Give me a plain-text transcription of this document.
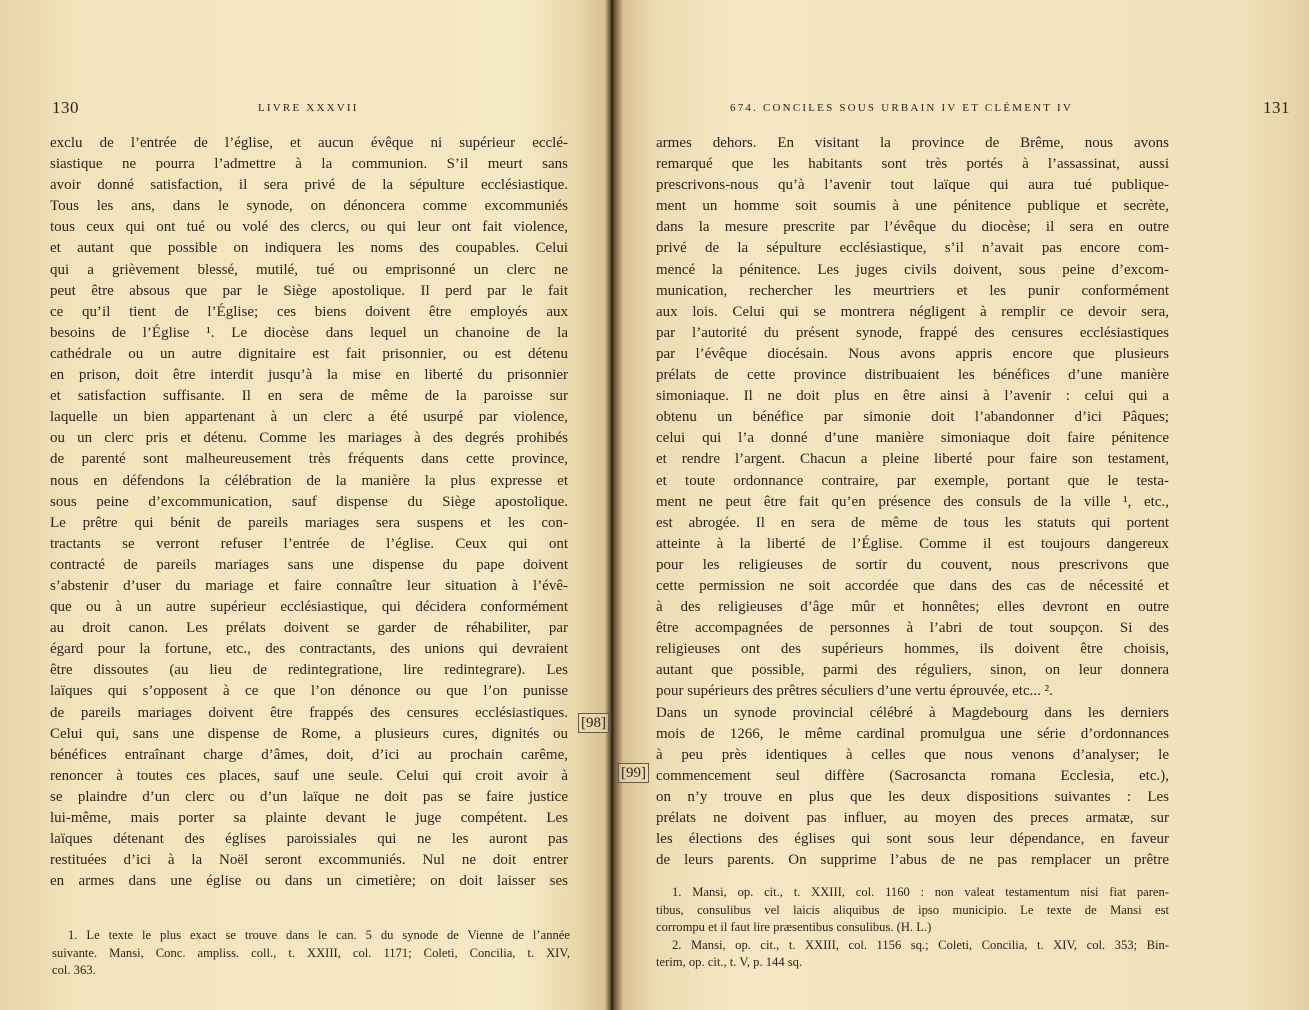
130	LIVRE XXXVII
exclu de l’entrée de l’église, et aucun évêque ni supérieur ecclé-
siastique ne pourra l’admettre à la communion. S’il meurt sans
avoir donné satisfaction, il sera privé de la sépulture ecclésiastique.
Tous les ans, dans le synode, on dénoncera comme excommuniés
tous ceux qui ont tué ou volé des clercs, ou qui leur ont fait violence,
et autant que possible on indiquera les noms des coupables. Celui
qui a grièvement blessé, mutilé, tué ou emprisonné un clerc ne
peut être absous que par le Siège apostolique. Il perd par le fait
ce qu’il tient de l’Église; ces biens doivent être employés aux
besoins de l’Église ¹. Le diocèse dans lequel un chanoine de la
cathédrale ou un autre dignitaire est fait prisonnier, ou est détenu
en prison, doit être interdit jusqu’à la mise en liberté du prisonnier
et satisfaction suffisante. Il en sera de même de la paroisse sur
laquelle un bien appartenant à un clerc a été usurpé par violence,
ou un clerc pris et détenu. Comme les mariages à des degrés prohibés
de parenté sont malheureusement très fréquents dans cette province,
nous en défendons la célébration de la manière la plus expresse et
sous peine d’excommunication, sauf dispense du Siège apostolique.
Le prêtre qui bénit de pareils mariages sera suspens et les con-
tractants se verront refuser l’entrée de l’église. Ceux qui ont
contracté de pareils mariages sans une dispense du pape doivent
s’abstenir d’user du mariage et faire connaître leur situation à l’évê-
que ou à un autre supérieur ecclésiastique, qui décidera conformément
au droit canon. Les prélats doivent se garder de réhabiliter, par
égard pour la fortune, etc., des contractants, des unions qui devraient
être dissoutes (au lieu de redintegratione, lire redintegrare). Les
laïques qui s’opposent à ce que l’on dénonce ou que l’on punisse
de pareils mariages doivent être frappés des censures ecclésiastiques.
Celui qui, sans une dispense de Rome, a plusieurs cures, dignités ou
bénéfices entraînant charge d’âmes, doit, d’ici au prochain carême,
renoncer à toutes ces places, sauf une seule. Celui qui croit avoir à
se plaindre d’un clerc ou d’un laïque ne doit pas se faire justice
lui-même, mais porter sa plainte devant le juge compétent. Les
laïques détenant des églises paroissiales qui ne les auront pas
restituées d’ici à la Noël seront excommuniés. Nul ne doit entrer
en armes dans une église ou dans un cimetière; on doit laisser ses
1. Le texte le plus exact se trouve dans le can. 5 du synode de Vienne de l’année
suivante. Mansi, Conc. ampliss. coll., t. XXIII, col. 1171; Coleti, Concilia, t. XIV,
col. 363.
[98]
[99]
674. CONCILES SOUS URBAIN IV ET CLÉMENT IV	131
armes dehors. En visitant la province de Brême, nous avons
remarqué que les habitants sont très portés à l’assassinat, aussi
prescrivons-nous qu’à l’avenir tout laïque qui aura tué publique-
ment un homme soit soumis à une pénitence publique et secrète,
dans la mesure prescrite par l’évêque du diocèse; il sera en outre
privé de la sépulture ecclésiastique, s’il n’avait pas encore com-
mencé la pénitence. Les juges civils doivent, sous peine d’excom-
munication, rechercher les meurtriers et les punir conformément
aux lois. Celui qui se montrera négligent à remplir ce devoir sera,
par l’autorité du présent synode, frappé des censures ecclésiastiques
par l’évêque diocésain. Nous avons appris encore que plusieurs
prélats de cette province distribuaient les bénéfices d’une manière
simoniaque. Il ne doit plus en être ainsi à l’avenir : celui qui a
obtenu un bénéfice par simonie doit l’abandonner d’ici Pâques;
celui qui l’a donné d’une manière simoniaque doit faire pénitence
et rendre l’argent. Chacun a pleine liberté pour faire son testament,
et toute ordonnance contraire, par exemple, portant que le testa-
ment ne peut être fait qu’en présence des consuls de la ville ¹, etc.,
est abrogée. Il en sera de même de tous les statuts qui portent
atteinte à la liberté de l’Église. Comme il est toujours dangereux
pour les religieuses de sortir du couvent, nous prescrivons que
cette permission ne soit accordée que dans des cas de nécessité et
à des religieuses d’âge mûr et honnêtes; elles devront en outre
être accompagnées de personnes à l’abri de tout soupçon. Si des
religieuses ont des supérieurs hommes, ils doivent être choisis,
autant que possible, parmi des réguliers, sinon, on leur donnera
pour supérieurs des prêtres séculiers d’une vertu éprouvée, etc... ².
Dans un synode provincial célébré à Magdebourg dans les derniers
mois de 1266, le même cardinal promulgua une série d’ordonnances
à peu près identiques à celles que nous venons d’analyser; le
commencement seul diffère (Sacrosancta romana Ecclesia, etc.),
on n’y trouve en plus que les deux dispositions suivantes : Les
prélats ne doivent pas influer, au moyen des preces armatæ, sur
les élections des églises qui sont sous leur dépendance, en faveur
de leurs parents. On supprime l’abus de ne pas remplacer un prêtre
1. Mansi, op. cit., t. XXIII, col. 1160 : non valeat testamentum nisi fiat paren-
tibus, consulibus vel laicis aliquibus de ipso municipio. Le texte de Mansi est
corrompu et il faut lire præsentibus consulibus. (H. L.)
2. Mansi, op. cit., t. XXIII, col. 1156 sq.; Coleti, Concilia, t. XIV, col. 353; Bin-
terim, op. cit., t. V, p. 144 sq.
